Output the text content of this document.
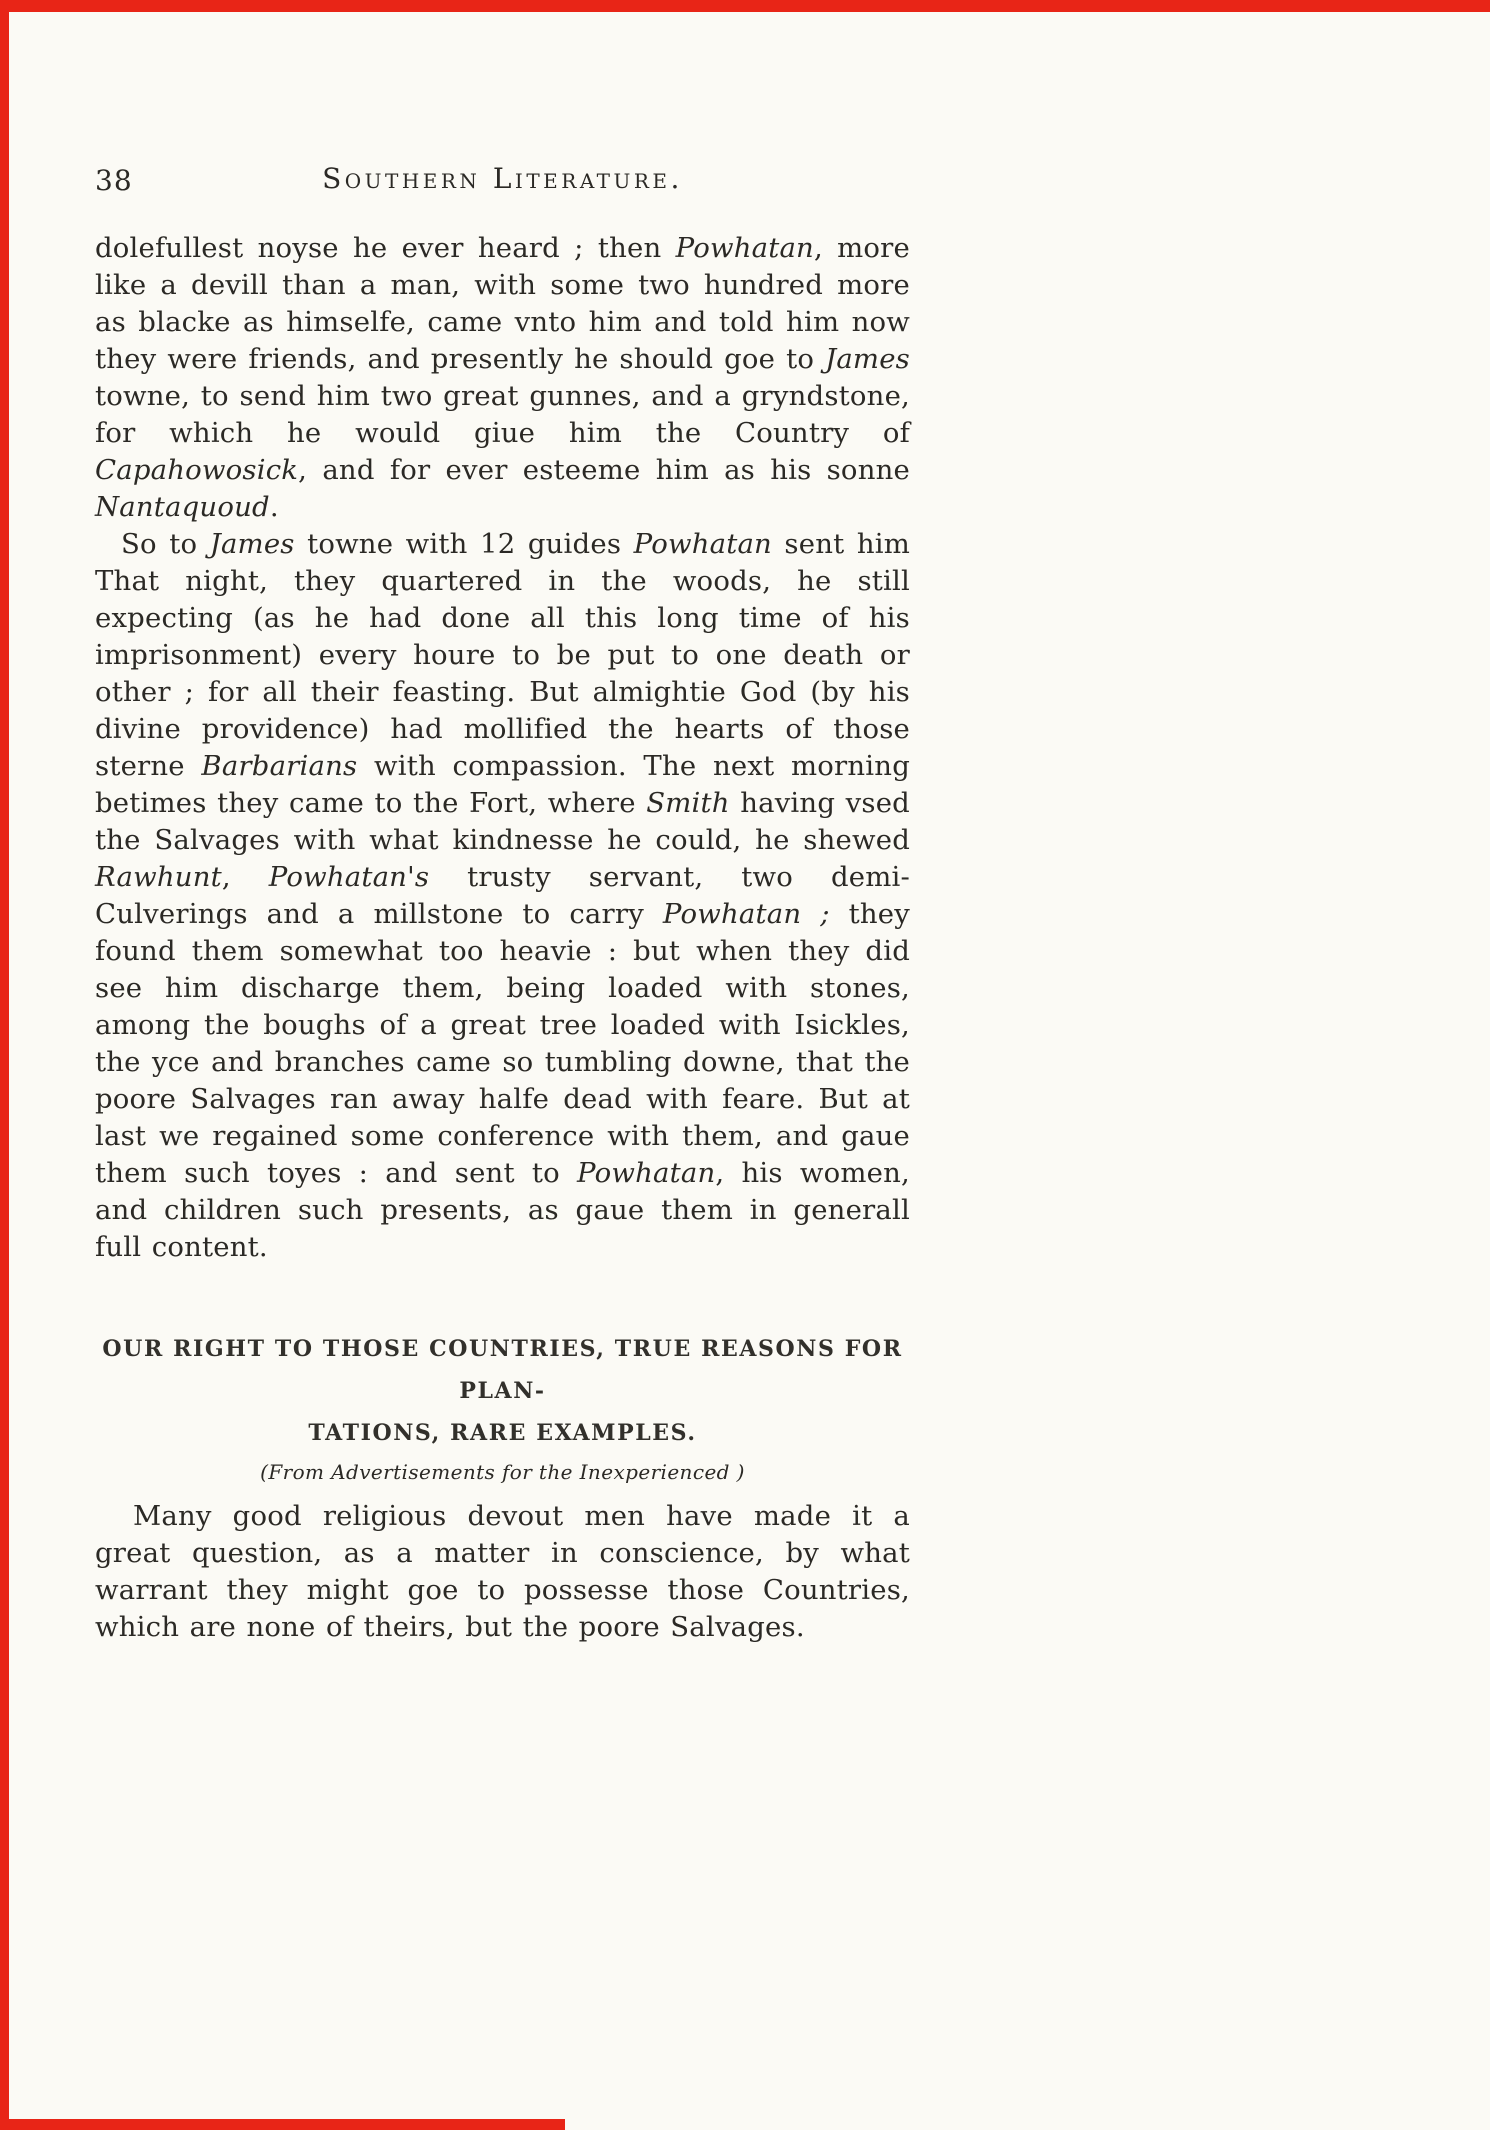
38	Southern Literature.

dolefullest noyse he ever heard ; then Powhatan, more like a devill than a man, with some two hundred more as blacke as himselfe, came vnto him and told him now they were friends, and presently he should goe to James towne, to send him two great gunnes, and a gryndstone, for which he would giue him the Country of Capahowosick, and for ever esteeme him as his sonne Nantaquoud.

So to James towne with 12 guides Powhatan sent him That night, they quartered in the woods, he still expecting (as he had done all this long time of his imprisonment) every houre to be put to one death or other ; for all their feasting. But almightie God (by his divine providence) had mollified the hearts of those sterne Barbarians with compassion. The next morning betimes they came to the Fort, where Smith having vsed the Salvages with what kindnesse he could, he shewed Rawhunt, Powhatan's trusty servant, two demi-Culverings and a millstone to carry Powhatan ; they found them somewhat too heavie : but when they did see him discharge them, being loaded with stones, among the boughs of a great tree loaded with Isickles, the yce and branches came so tumbling downe, that the poore Salvages ran away halfe dead with feare. But at last we regained some conference with them, and gaue them such toyes : and sent to Powhatan, his women, and children such presents, as gaue them in generall full content.

OUR RIGHT TO THOSE COUNTRIES, TRUE REASONS FOR PLAN-
TATIONS, RARE EXAMPLES.
(From Advertisements for the Inexperienced )

Many good religious devout men have made it a great question, as a matter in conscience, by what warrant they might goe to possesse those Countries, which are none of theirs, but the poore Salvages.
